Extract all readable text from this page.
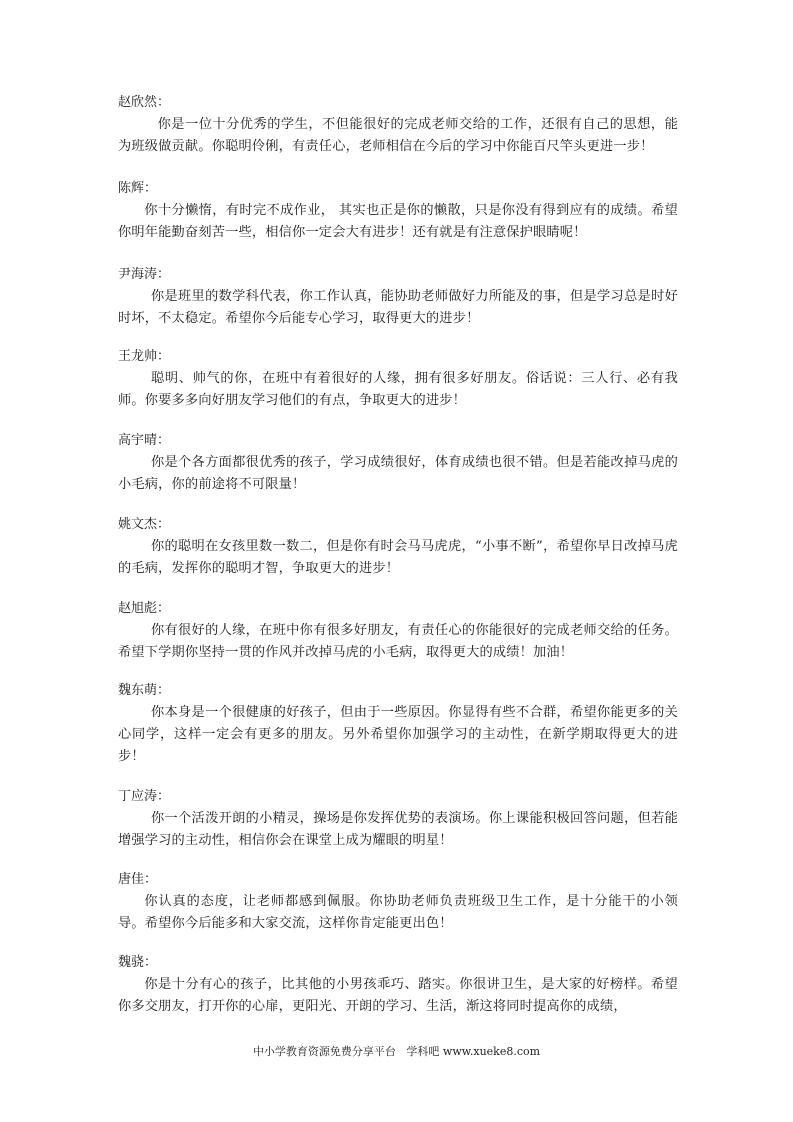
赵欣然：

你是一位十分优秀的学生，不但能很好的完成老师交给的工作，还很有自己的思想，能为班级做贡献。你聪明伶俐，有责任心，老师相信在今后的学习中你能百尺竿头更进一步！

陈辉：

你十分懒惰，有时完不成作业， 其实也正是你的懒散，只是你没有得到应有的成绩。希望你明年能勤奋刻苦一些，相信你一定会大有进步！还有就是有注意保护眼睛呢！

尹海涛：

你是班里的数学科代表，你工作认真，能协助老师做好力所能及的事，但是学习总是时好时坏，不太稳定。希望你今后能专心学习，取得更大的进步！

王龙帅：

聪明、帅气的你，在班中有着很好的人缘，拥有很多好朋友。俗话说：三人行、必有我师。你要多多向好朋友学习他们的有点，争取更大的进步！

高宇晴：

你是个各方面都很优秀的孩子，学习成绩很好，体育成绩也很不错。但是若能改掉马虎的小毛病，你的前途将不可限量！

姚文杰：

你的聪明在女孩里数一数二，但是你有时会马马虎虎，“小事不断”，希望你早日改掉马虎的毛病，发挥你的聪明才智，争取更大的进步！

赵旭彪：

你有很好的人缘，在班中你有很多好朋友，有责任心的你能很好的完成老师交给的任务。希望下学期你坚持一贯的作风并改掉马虎的小毛病，取得更大的成绩！加油！

魏东萌：

你本身是一个很健康的好孩子，但由于一些原因。你显得有些不合群，希望你能更多的关心同学，这样一定会有更多的朋友。另外希望你加强学习的主动性，在新学期取得更大的进步！

丁应涛：

你一个活泼开朗的小精灵，操场是你发挥优势的表演场。你上课能积极回答问题，但若能增强学习的主动性，相信你会在课堂上成为耀眼的明星！

唐佳：

你认真的态度，让老师都感到佩服。你协助老师负责班级卫生工作，是十分能干的小领导。希望你今后能多和大家交流，这样你肯定能更出色！

魏骁：

你是十分有心的孩子，比其他的小男孩乖巧、踏实。你很讲卫生，是大家的好榜样。希望你多交朋友，打开你的心扉，更阳光、开朗的学习、生活，渐这将同时提高你的成绩，

中小学教育资源免费分享平台   学科吧 www.xueke8.com
